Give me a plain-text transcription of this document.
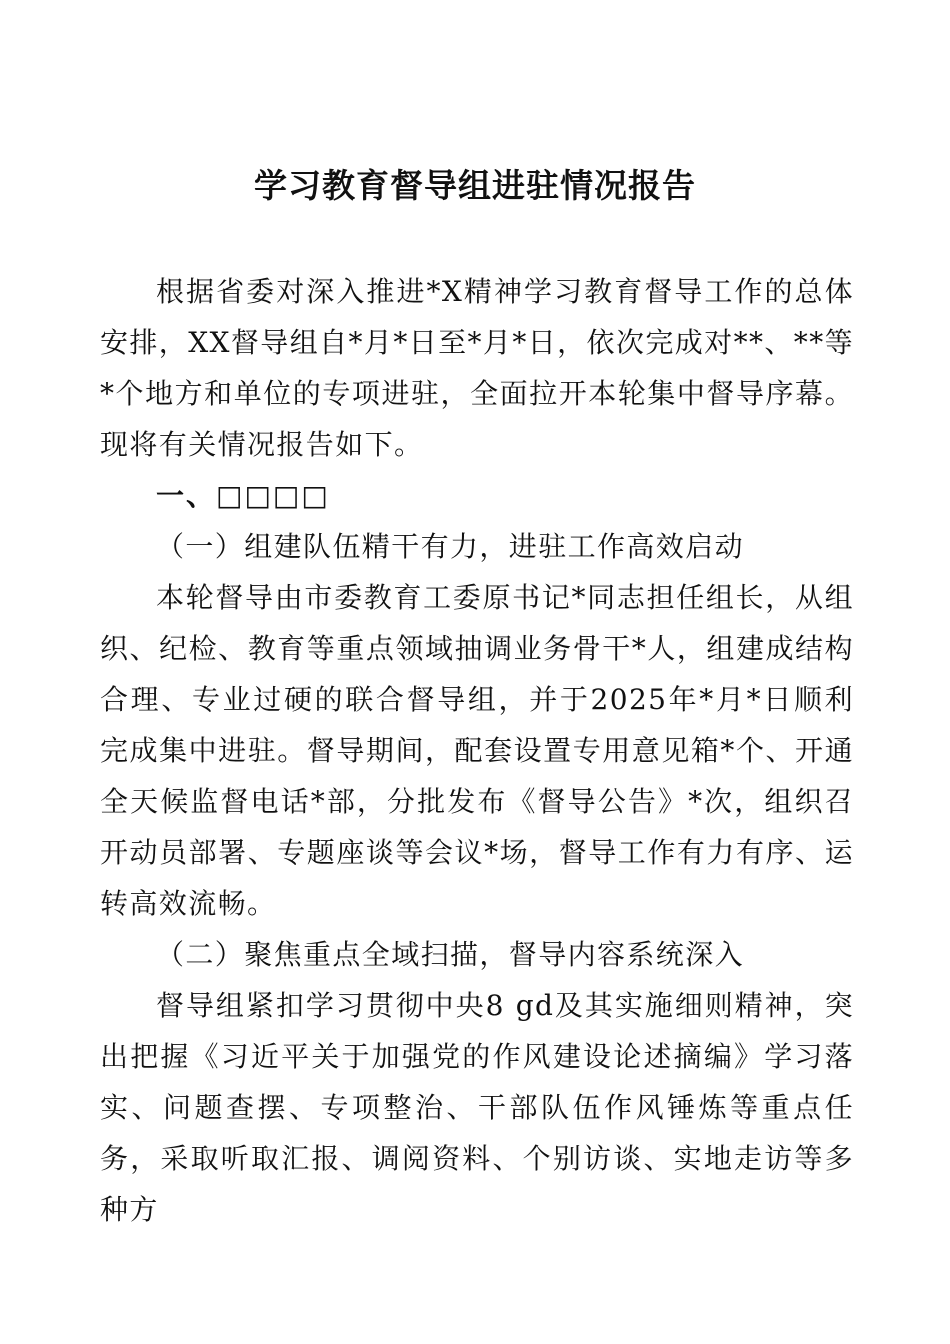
学习教育督导组进驻情况报告

根据省委对深入推进*X精神学习教育督导工作的总体安排，XX督导组自*月*日至*月*日，依次完成对**、**等*个地方和单位的专项进驻，全面拉开本轮集中督导序幕。现将有关情况报告如下。

一、□□□□

（一）组建队伍精干有力，进驻工作高效启动

本轮督导由市委教育工委原书记*同志担任组长，从组织、纪检、教育等重点领域抽调业务骨干*人，组建成结构合理、专业过硬的联合督导组，并于2025年*月*日顺利完成集中进驻。督导期间，配套设置专用意见箱*个、开通全天候监督电话*部，分批发布《督导公告》*次，组织召开动员部署、专题座谈等会议*场，督导工作有力有序、运转高效流畅。

（二）聚焦重点全域扫描，督导内容系统深入

督导组紧扣学习贯彻中央8 gd及其实施细则精神，突出把握《习近平关于加强党的作风建设论述摘编》学习落实、问题查摆、专项整治、干部队伍作风锤炼等重点任务，采取听取汇报、调阅资料、个别访谈、实地走访等多种方
